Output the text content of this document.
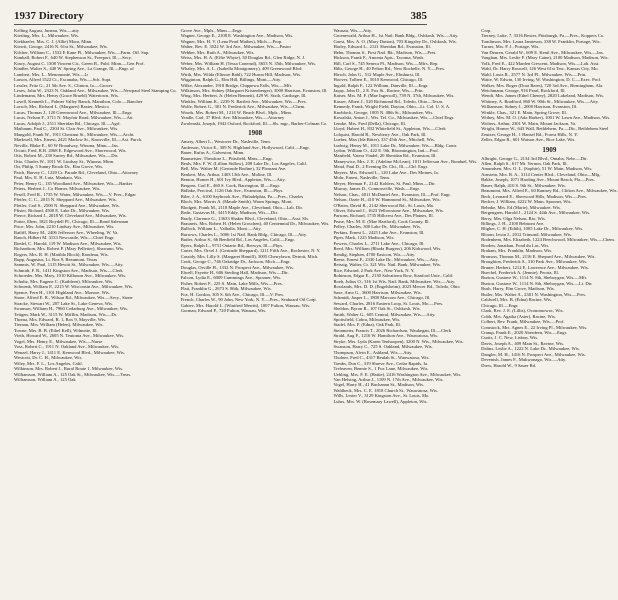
1937 Directory	385
Kelling August, Juneau, Wis.—atty
Kiesling, Mrs. L., Milwaukee, Wis.
Kiekhaefer, Mrs. C. J. (Allie) Mora, Minn.
Kiewit, George, 2416 N. 61st St., Milwaukee, Wis.
Kilcher, William C., 1532 E Kane Pl., Milwaukee, Wis.—Farm. Off. Sup.
Kimball, Robert F., 640 W. Stephenson St., Freeport, Ill.—Secy.
Kincy, August C. 1308 Vincent Cir., Green B., Publ. Minn.—Gen Prof.
Kindler, Walter S., 440 W. Spring Ave., La Grange, Ill.—Engr. of
Lambert, Mrs. L., Menomonie, Wis.—lr
Larson, Alfred 1522 Ct., Escanaba, Wis.—Sch. Supt.
Lessler, Fritz G., 21 5th Ave. S., Clinton, Ia.—Grocer
Lexes, John W., 2323 N. Oakland Ave., Milwaukee, Wis.—Newpaul Steel Stamping Co.
Lindemann, Mrs. Henry (Grace Bruehl) Watertown, Wis.
Lovell, Kenneth L., Palmer Valley Ranch, Marathon, Colo.—Rancher
Lorsch, Mrs. Richard L. (Margaret) Baxter, Mexico
Lucas, Thomas J., 120 Greenwood Ave., Milwaukee, Ill.—Engr.
Lucas, Nelson F., 3711 N. Mayfair Road, Milwaukee, Wis.—Att.
Lucas, Adolph J., 2511 Sheridan Rd., Chicago, Ill.—Agrl.
Maibaum, Paul C., 2304 St. Clair Ave., Milwaukee, Wis.
Mangold, Frank W., 1911 Chestnut St., Milwaukee, Wis.—Archt.
Markwell, Mrs. Ernest, 2421 Marlow St., Knoxville, Ill.—Ast. Purch.
Neville, Blake E., 60 W Broadway, Winona, Minn.—Ins.
Orcutt, Fred, R.R. 2068 E. Edgewood Ave., Shorewood, Wis.
Otis, Robert M., 230 Surrey Rd., Milwaukee, Wis.—Dir.
Otto, Charles W., 1011 W. Lindsay St., Winona, Minn.
Ott, Philip, 5 Sunny Brook Dr., Elm Grove, Wis.
Patch, Harvey C., 1220 Cr. Parade Rd., Cleveland, Ohio—Attorney
Paul, Mrs. E. H. Lutz, Mankato, Wis.
Peter, Henry G., 135 Woodland Ave., Milwaukee, Wis.—Banker
Peters, Herbert J., Co Homer, Milwaukee, Wis.
Pesell, Fred R., 1735 W. Water, Milwaukee, Wis.—V. Pres., Edgar
Pfeifer, C. C., 2015 N. Sheppard Ave., Milwaukee, Wis.
Pfeifer, Carl S., 2500 N. Sheppard Ave., Milwaukee, Wis.
Pfister, Richard, 4500 E. Lake Dr., Milwaukee, Wis.
Pierce, Richard J., 2018 W. Cleveland Ave., Milwaukee, Wis.
Potter, Eben, 1821 Boydell Pl., Chicago, Ill.—Bond Salesman
Price, Mrs. John, 2210 Lindsay Ave., Milwaukee, Wis.
Ratliff, Harry M., 2406 Jefferson Ave., Wheeling, W. Va.
Rauch, Hilbert M. 3133 Newcastle, Wis.—Chief Engr.
Riedel, C. Harold, 119 W. Madison Ave., Milwaukee, Wis.
Richardson, Mrs. Robert P. (Mary Pelletier), Shawano, Wis.
Rogers, Mrs. R. H. (Matilda Bloch), Rondeau, Wis.
Rupp, Augustus, Lt. Box 9, Beaumont, Texas
Sammis, W. Paul, 1115 Hewitt St., Milwaukee, Wis.—Atty.
Schmidt, F. R., 1411 Kingston Ave., Madison, Wis.—Clerk
Schroeder, Mrs. Mary, 1010 Kilbourn Ave., Milwaukee, Wis.
Schultz, Mrs. Eugene C. (Kathleen), Milwaukee, Wis.
Schwenk, William P., 2215 W. Wisconsin Ave., Milwaukee, Wis.
Spence, Fern H., 1101 Highland Ave., Monroe, Wis.
Stone, Alfred E. R., Wilson Rd., Milwaukee, Wis.—Secy., Stone
Stracke, Stewart W., 207 Lake St., Lake Geneva, Wis.
Swanson, William H., 7960 Cedarburg Ave., Milwaukee, Wis.
Teitgen, Mark W., 3115 W. Mifflin, Madison, Wis.—Dr.
Thoma, Mrs. Edward, R. 1, Box 9, Mayville, Wis.
Tiernan, Mrs. William (Helen), Milwaukee, Wis.
Towne, Mrs. B. B. (Ethel Kell), Wilmette, Ill.
Vieth, Howard W., 2605 N. Teutonia Ave., Milwaukee, Wis.
Vogel, Mrs. Henry E., Milwaukee, Wis.—Nurse
Voss, Robert C., 1911 N. Oakland Ave., Milwaukee, Wis.
Wenzel, Harry J., 1411 E. Kenwood Blvd., Milwaukee, Wis.
Westcott, Dr. C. H., Milwaukee, Wis.
Wiley, Mrs. F. L., Los Angeles, Calif.
Wilkinson, Mrs. Robert J., Rural Route 1, Milwaukee, Wis.
Williamson, William A., 125 Oak St., Milwaukee, Wis.—Treas.
Williamson, William A., 125 Oak
Grove Ave., Mpls., Minn.—Engr.
Wagner, George E., 2108 E. Washington Ave., Madison, Wis.
Wagner, Mrs. H. V. (Lena Pearl Mathes), Mich.—Prop.
Walter, Rev. E. 3522 W. 3rd Ave., Milwaukee, Wis.—Pastor
Webber, Mrs. Ruth A., Milwaukee, Wis.
Weiss, Mrs. H. A. (Effie Whyte), 30 Douglas Rd., Glen Ridge, N. J.
Weber, Mrs. William H. (Tessa Conerud), 3653 N. 35th, Milwaukee, Wis.
Whaley, Mrs. A. L. (Isabella Montgomery), 409 Greenwood Blvd.
Wirth, Mrs. Wilda (Elinore Babl), 722 Huron Hill, Madison, Wis.
Wigginton, Ralph G., Elm Hill, Billings, Mont.—Atty.
Wilke, Alexander, 1918 Bridge, Chippewa Falls, Wis.—Mfr.
Wilkinson, Mrs. Sidney (Margaret Kristenberger), 3000 Harrison, Evanston, Ill.
Wing, Mrs. Herbert, Jr. (Helen Bennett), 429 W. Sixth, Carthage, Ill.
Winkler, William K., 2239 N. Bartlett Ave., Milwaukee, Wis.—Pres.
Wolfe, Robert G., 301 N. Frederick Ave., Milwaukee, Wis.—Chem.
Woods, Mrs. Robert M., 1214 W. Beach Blvd., Mpls., Minn.
Yeadle, Carl, 37 Blvd. Ave. Milwaukee, Wis.—Attorney
Zwolenski, Joseph, 1942 Oxford, Rockford, Ill.—Sls. mgr., Barber-Colman Co.
1908
Amery, Albert L., Westover Dr., Nashville, Tenn.
Anderson, Victor E., 309 N. Highland Ave., Hollywood, Calif.—Engr.
Bauer, Rufus A., Galveston, Minn.
Baumeister, Theodore L., Pittsfield, Mass.—Engr.
Beals, Mrs. F. W. (Lillian Sidlow), 208 Lake Dr., Los Angeles, Calif.
Bell, Mrs. Walter M. (Gertrude Bodine), 32 Pleasant Ave.
Benkert, Mrs. Arthur, 1403 13th Ave., Moline, Ill.
Benton, Homer H., 601 Ivy Blvd., Appleton, Wis.—Atty.
Bergren, Carl E., 460 S. Cook, Barrington, Ill.—Engr.
Bidlake, Percival, 1126 Oak Ave., Evanston, Ill.—Phys.
Biler, J. A., 6100 Saybrook Ave., Philadelphia, Pa.—Pres., Charles
Bloch, Mrs. Morris A. (Maude Smith), Warm Springs, Mont.
Blodgett, Frank M., 2118 Maple Ave., Cleveland, Ohio—Lab. Dir.
Bode, Gustavus H., 3415 Eddy, Madison, Wis.—Dir.
Brady, Clarence G., 13633 Shaker Blvd., Cleveland, Ohio—Asst. Sls.
Brauneis, Mrs. Robert H. (Helen Groschen), 40 Centennial Dr., Milwaukee, Wis.
Bullock, William L., Valhalla, Mont.—Atty.
Burrows, Charles L., 5006 1st Natl. Bank Bldg., Chicago, Ill.—Atty.
Butler, Arthur S., 66 Benfield Rd., Los Angeles, Calif.—Engr.
Byers, Ralph L., 9731 Ontario Rd., Berwyn, Ill.—Phys.
Carter, Mrs. Orvel J. (Gertrude Sheppard), 1211 Fifth Ave., Rochester, N. Y.
Cassidy, Mrs. Lilly S. (Margaret Hamill), 3005 Cherrylawn, Detroit, Mich.
Cook, George C., 746 Oakridge Dr., Jackson, Mich.—Engr.
Douglas, Orville H., 1332 N. Prospect Ave., Milwaukee, Wis.
Elwell, Fayette H., 606 Sterling Hall, Madison, Wis.—Dir.
Falcon, Lydia E., 6009 Cummings Ave., Spooner, Wis.
Fisher, Robert F., 225 S. Main, Lake Mills, Wis.—Pres.
Flatt, Franklin G., 2673 S. 86th, Milwaukee, Wis.
Fox, H. Gordon, 305 S. 6th Ave., Chicago, Ill.—V. Pres.
French, Charles W., 90 John, New York, N. Y.—Pres., Seaboard Oil Corp.
Gabiev, Mrs. Harold L. (Winifred Merritt), 1007 Fulton, Wausau, Wis.
Gorman, Edward P., 720 Fulton, Wausau, Wis.
Wausau, Wis.—Atty.
Groenewald, Arthur H., 1st Natl. Bank Bldg., Oshkosh, Wis.—Atty.
Guest, Mrs. A. O. (Mary Dutton), 703 Kingsley Dr., Oshkosh, Wis.
Harley, Edward L., 2121 Sheridan Rd., Evanston, Ill.
Hehn, Thomas S., First Natl. Bk., Madison, Wis.—Pres.
Hickson, Frank F., Amonia Apts., Tacoma, Wash.
Hill, Carl S., 745 Seneca Pl., Madison, Wis.—Mfrs. Rep.
Hilts, George H., 40 Pelton Rd., New Rochelle, N. Y.—Pres.
Hirsch, John G., 512 Maple Ave., Elmhurst, Ill.
Hoover, Tolbert E., 5010 Kenwood, Chicago, Ill.
Ingold, Ralph F., 122 William, Danville, Ill.—Engr.
Jaquy, John D., 2 E. Fox St., Racine, Wis.—Prin.
Kaiser, Mrs. M. F. (Mae Ingersoll), 739 N. 37th, Milwaukee, Wis.
Kasser, Albert J., 520 Richmond Rd., Toledo, Ohio—Texas
Kennedy, Frank, Wright Field, Dayton, Ohio—Lt. Col. U. S. A.
Knoblock, George, 1005 N. 48th St., Milwaukee, Wis.
Kowalski, Anton J., Wis. Tel. Co., Milwaukee, Wis.—Chief Engr.
Lemke, Mrs. Fred (Della), Chicago, Ill.
Lloyd, Hubert H., 832 Whitefield St., Appleton, Wis.—Clerk
Lofquist, Harold R., Newberry Ave., Oak Park, Ill.
Loeber, Max (Ida Bitter), 337 45th Ave., Mitchell, Wis.
Ludwig, Henry M., 1011 Lake Dr., Milwaukee, Wis.—Bldg. Contr.
Lydon, William O., 422 E. 9th, Bloomington, Ind.—Prof.
Manfield, Vatera Vindel, 20 Sheridan Rd., Evanston, Ill.
Maneywicz, Mrs. J. E. (Adeline McLean), 1011 Jefferson Ave., Bonduel, Wis.
Mead, Paul D., 2 Evening Dr. Chi., Ill.—Chf. Engr.
Meyers, Mrs. Edward L., 120 Lake Ave., Des Moines, Ia.
Mohr, Ernest, Nashville, Tenn.
Meyer, Herman F., 2142 Kohlers, St. Paul, Minn.—Dir.
Murray, James D., Connorsville, Wash.—Engr.
Nelson, Chas., 4011 McDaniel Ave., Evanston, Ill.—Prof. Engr.
Nelson, Ozzie H., 410 W. Hammond St., Milwaukee, Wis.
O'Brien, David B., 2142 Sherwood Rd., St. Louis, Mo.
Oliver, Edward J., 1623 Yellowstone Ave., Milwaukee, Wis.
Parsons, Richard, 1735 Hillcrest Ave., Des Plaines, Ill.
Pease, Mrs. M. E. (Mae Hartford), Cook County, Ill.
Pelley, Charles, 300 Lake Dr., Milwaukee, Wis.
Perkins, Ernest L., 2425 Lake Ave., Evanston, Ill.
Piper, Mark, 1225 Madison, Wis.
Powers, Charles L., 2711 Lake Ave., Chicago, Ill.
Reed, Mrs. William (Rhoda Burgess), 206 Kirkwood, Wis.
Rendig, Stephen, 4700 Eastcon, Wis.—Atty.
Reese, Ernest F., 2330 Lake Dr., Milwaukee, Wis.—Atty.
Reissig, Walter, Cr. 321 Wis. Natl. Bank, Milwaukee, Wis.
Rice, Edward, 2 Park Ave., New York, N. Y.
Robinson, Edgar E., 2130 Salvatierra Row, Stanford Univ., Calif.
Roeh, Julius O., 316 1st Wis. Natl. Bank, Milwaukee, Wis.—Atty.
Rowlands, Mrs. D. D. (Engelsheim), 2023 Mercer Rd., Toledo, Ohio
Saxe, Arno G., 3600 Harrison, Milwaukee, Wis.
Schmidt, Jasper L., 1800 Marcom Ave., Chicago, Ill.
Seward, Charles, 2816 Eastern Loop, St. Louis, Mo.—Pres.
Sheldon, Byron R., 107 Oak St., Oshkosh, Wis.
Smith, Walter G., 605 Central, Milwaukee, Wis.—Atty.
Spottsfield, Cobra, Milwaukee, Wis.
Stadel, Mrs. F. (Edna), Oak Park, Ill.
Steinmeier, Francis T., 2026 Richardson, Waukegan, Ill.—Clerk
Strahl, Aug F., 1216 W. Hamilton Ave., Wauwatosa, Wis.
Stryke, Mrs. Lyda (Karen Tenhoopen), 3200 N. Wis., Milwaukee, Wis.
Swanson, Harry C., 725 S. Oakland, Milwaukee, Wis.
Thompson, Alvin E., Ashland, Wis.—Atty.
Tholner, Fred C., 4317 Beulah St., Wauwatosa, Wis.
Tombs, Don C., 319 Shreve Ave., Cedar Rapids, Ia.
Treleaven, Bennie S., 1 Fox Lane, Milwaukee, Wis.
Uehling, Mrs. F. E. (Hattie), 2416 Washington Ave., Milwaukee, Wis.
Van Helsing, Arthur J., 1109 N. 17th Ave., Milwaukee, Wis.
Vogel, Harry H., 41 Buchanan St., Madison, Wis.
Wahlbeck, Mrs. C. E. 1818 Church St., Wauwatosa, Wis.
Wills, Lester V., 3129 Kingston Ave., St. Louis, Mo.
Luhrs, Mrs. W. (Rosemary Lawell), Appleton, Wis.
Corp.
Tierney, Luke, 7, 3316 Bexter, Pittsburgh, Pa.—Pres., Koppers Co.
Tomlinson, Mrs. Laura Jamieson, 338 W. Franklin, Portage, Wis.
Turner, Mrs. P. J., Portage, Wis.
Van Deuren, Gerald W., 609 E. Kenil Ave., Milwaukee, Wis.—Ins.
Vaughan, Mrs. Leslie F. (Mary Caine), 2100 Madison, Madison, Wis.
Volk, Fred E., 422 Marden Crescent, Madison, Wis.—Lab. Asst.
Wahl, Dr. Harry Roswell, 126 West 61st Terr., Kansas City, Mo.
Wahl, Louis R., 2577 N. 3rd Pl., Milwaukee, Wis.—Prin.
Waite, W. Edwin, 130 Irving, W. Washington, D. C.—Exec. Prof.
Walker, Mrs. Roger (Dora Bates), 720 3rd Ave., Birmingham, Ala.
Weichmann, George, 916 Pearl, Rockford, Ill.
Wendt, Mrs. James (Ethel Cheney), 2820 Lakeland, Madison, Wis.
Whitney, A. Bradford, 860 W. 90th St., Milwaukee, Wis.—Atty.
Williamson, Sidney J., 2000 Harrison, Evanston, Ill.
Winkle, Chas., 321 E. Main, Spring Grove, Ill.
Withey, Mrs. M. O. (Ada Harker), 1001 W. Lawn Ave., Madison, Wis.
Wolters, Arthur, 2301 W. Main, Mount Jackson, Va.
Wright, Homer W., 643 Wall, Bethlehem, Pa.—Dir., Bethlehem Steel
Zeutzer, George H., 1 Hansel Rd., Forest Hills, N. Y.
Zeller, Edgar R., 601 Watson Ave., Rice Lake, Wis.
1909
Albright, George G., 2134 3rd Blvd., Omaha, Nebr.—Dir.
Allen, Ralph S., 617 Mt. Vernon, Oak Park, Ill.
Amundsen, Mrs. O. L. (Sophie), 51 W. Main, Madison, Wis.
Arnstein, Mrs. R. A., 3114 Center Blvd., Cleveland, Ohio—Mfg.
Bakke, Joseph, 1071 Harding Ave., Mount Beach, Fla.—Pres.
Bauer, Ralph, 410 S. 9th St., Milwaukee, Wis.
Beaumont, Mrs. Alfred E., 60 Ramsey Rd., Clifton Ave., Milwaukee, Wis.
Beck, Leonard E., Sherwood Hills, Madison, Wis.—Pres.
Becker, J. William, 4222 W. Main, Spooner, Wis.
Behnke, Mrs. Ed (Marie), Milwaukee, Wis.
Bergengren, Harold J., 2124 S. 44th Ave., Milwaukee, Wis.
Berry, Mrs. Olga Nelson, Rio, Wis.
Billings, J. H., 2100 Belmont Ave.
Bligher, C. H. (Edith), 1005 Lake Dr., Milwaukee, Wis.
Bloom, Irwin J., 2012 Trimond, Milwaukee, Wis.
Bodenhem, Mrs. Elizabeth, 1224 Beechwood, Milwaukee, Wis.—Chem.
Borden, Jonathan, Fond du Lac, Wis.
Braham, Mrs. Franklin, Madison, Wis.
Bronson, Thomas M., 2116 E. Shepard Ave., Milwaukee, Wis.
Broughton, Frederick S., 310 Park Ave., Milwaukee, Wis.
Bruner, Herbert, 1212 E. Lawrence Ave., Milwaukee, Wis.
Buechel, Frederick A. (Jennie), Peoria, Ill.
Burton, Gustave W., 1114 N. 8th, Sheboygan, Wis.—Mfr.
Burton, Gustave W., 1114 N. 8th, Sheboygan, Wis.—Lt. Dir.
Bush, Harry, Elm Grove, Madison, Wis.
Butler, Mrs. Walter A., 2301 N. Washington, Wis.—Pres.
Caldwell, Mrs. B. (Edna) Racine, Wis.
Chicago, Ill.—Engr.
Clark, Rev. J. E. (Lillis), Oconomowoc, Wis.
Cobb, Mrs. Agatha (Aster), Racine, Wis.
Colbert, Rev. Frank, Milwaukee, Wis.—Prof.
Comstock, Mrs. Agnes E., 22 Irving Pl., Milwaukee, Wis.
Cramp, Frank E., 2020 Aberdeen, Wis.—Engr.
Curtis, J. C. New, Lisbon, Wis.
Davis, Joseph A., 409 Main St., Ravine, Wis.
Dalins, Leslie A., 1222 N. Lake Dr., Milwaukee, Wis.
Dangler, M. H., 1416 N. Prospect Ave., Milwaukee, Wis.
Devenish, James F., Mukwonago, Wis.—Atty.
Drew, Harold W., 9 Sauer Rd.
